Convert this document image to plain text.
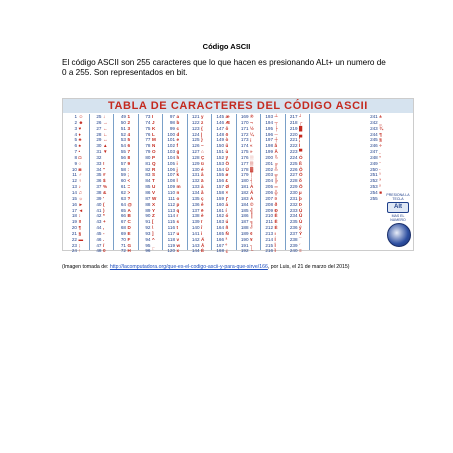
Código ASCII
El código ASCII son 255 caracteres que lo que hacen es presionando ALt+ un numero de 0 a 255. Son representados en bit.
TABLA DE CARACTERES DEL CÓDIGO ASCII
1 ☺
2 ☻
3 ♥
4 ♦
5 ♣
6 ♠
7 •
8 ◘
9 ○
10 ◙
11 ♂
12 ♀
13 ♪
14 ♫
15 ☼
16 ►
17 ◄
18 ↕
19 ‼
20 ¶
21 §
22 ▬
23 ↨
24 ↑
25 ↓
26 →
27 ←
28 ∟
29 ↔
30 ▲
31 ▼
32
33 !
34 "
35 #
36 $
37 %
38 &
39 '
40 (
41 )
42 *
43 +
44 ,
45 -
46 .
47 /
48 0
49 1
50 2
51 3
52 4
53 5
54 6
55 7
56 8
57 9
58 :
59 ;
60 <
61 =
62 >
63 ?
64 @
65 A
66 B
67 C
68 D
69 E
70 F
71 G
72 H
73 I
74 J
75 K
76 L
77 M
78 N
79 O
80 P
81 Q
82 R
83 S
84 T
85 U
86 V
87 W
88 X
89 Y
90 Z
91 [
92 \
93 ]
94 ^
95 _
96 `
97 a
98 b
99 c
100 d
101 e
102 f
103 g
104 h
105 i
106 j
107 k
108 l
109 m
110 n
111 o
112 p
113 q
114 r
115 s
116 t
117 u
118 v
119 w
120 x
121 y
122 z
123 {
124 |
125 }
126 ~
127 ⌂
128 Ç
129 ü
130 é
131 â
132 ä
133 à
134 å
135 ç
136 ê
137 ë
138 è
139 ï
140 î
141 ì
142 Ä
143 Å
144 É
145 æ
146 Æ
147 ô
148 ö
149 ò
150 û
151 ù
152 ÿ
153 Ö
154 Ü
155 ø
156 £
157 Ø
158 ×
159 ƒ
160 á
161 í
162 ó
163 ú
164 ñ
165 Ñ
166 ª
167 º
168 ¿
169 ®
170 ¬
171 ½
172 ¼
173 ¡
174 «
175 »
176 ░
177 ▒
178 ▓
179 │
180 ┤
181 Á
182 Â
183 À
184 ©
185 ╣
186 ║
187 ╗
188 ╝
189 ¢
190 ¥
191 ┐
192 └
193 ┴
194 ┬
195 ├
196 ─
197 ┼
198 ã
199 Ã
200 ╚
201 ╔
202 ╩
203 ╦
204 ╠
205 ═
206 ╬
207 ¤
208 ð
209 Ð
210 Ê
211 Ë
212 È
213 ı
214 Í
215 Î
216 Ï
217 ┘
218 ┌
219 █
220 ▄
221 ¦
222 Ì
223 ▀
224 Ó
225 ß
226 Ô
227 Ò
228 õ
229 Õ
230 µ
231 þ
232 Þ
233 Ú
234 Û
235 Ù
236 ý
237 Ý
238 ¯
239 ´
240 ≡
241 ±
242 ‗
243 ¾
244 ¶
245 §
246 ÷
247 ¸
248 °
249 ¨
250 ·
251 ¹
252 ³
253 ²
254 ■
255
PRESIONA LA TECLA
Alt
MAS EL NUMERO
(Imagen tomada de: http://lacomputadora.org/que-es-el-codigo-ascii-y-para-que-sirve/166, por Luis, el 21 de marzo del 2015)
